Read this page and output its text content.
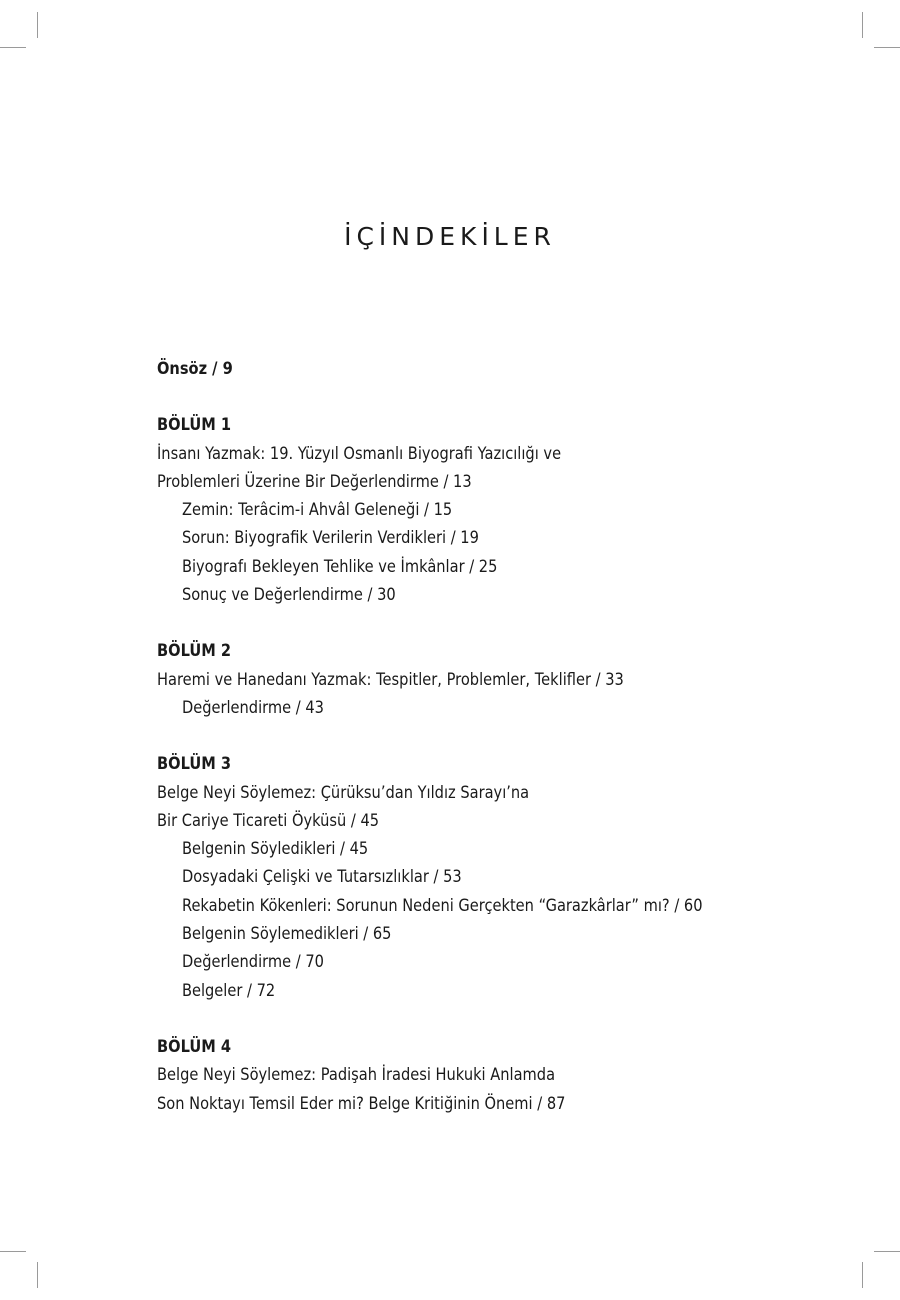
İÇİNDEKİLER
Önsöz / 9
BÖLÜM 1
İnsanı Yazmak: 19. Yüzyıl Osmanlı Biyografi Yazıcılığı ve
Problemleri Üzerine Bir Değerlendirme / 13
Zemin: Terâcim-i Ahvâl Geleneği / 15
Sorun: Biyografik Verilerin Verdikleri / 19
Biyografı Bekleyen Tehlike ve İmkânlar / 25
Sonuç ve Değerlendirme / 30
BÖLÜM 2
Haremi ve Hanedanı Yazmak: Tespitler, Problemler, Teklifler / 33
Değerlendirme / 43
BÖLÜM 3
Belge Neyi Söylemez: Çürüksu’dan Yıldız Sarayı’na
Bir Cariye Ticareti Öyküsü / 45
Belgenin Söyledikleri / 45
Dosyadaki Çelişki ve Tutarsızlıklar / 53
Rekabetin Kökenleri: Sorunun Nedeni Gerçekten “Garazkârlar” mı? / 60
Belgenin Söylemedikleri / 65
Değerlendirme / 70
Belgeler / 72
BÖLÜM 4
Belge Neyi Söylemez: Padişah İradesi Hukuki Anlamda
Son Noktayı Temsil Eder mi? Belge Kritiğinin Önemi / 87
